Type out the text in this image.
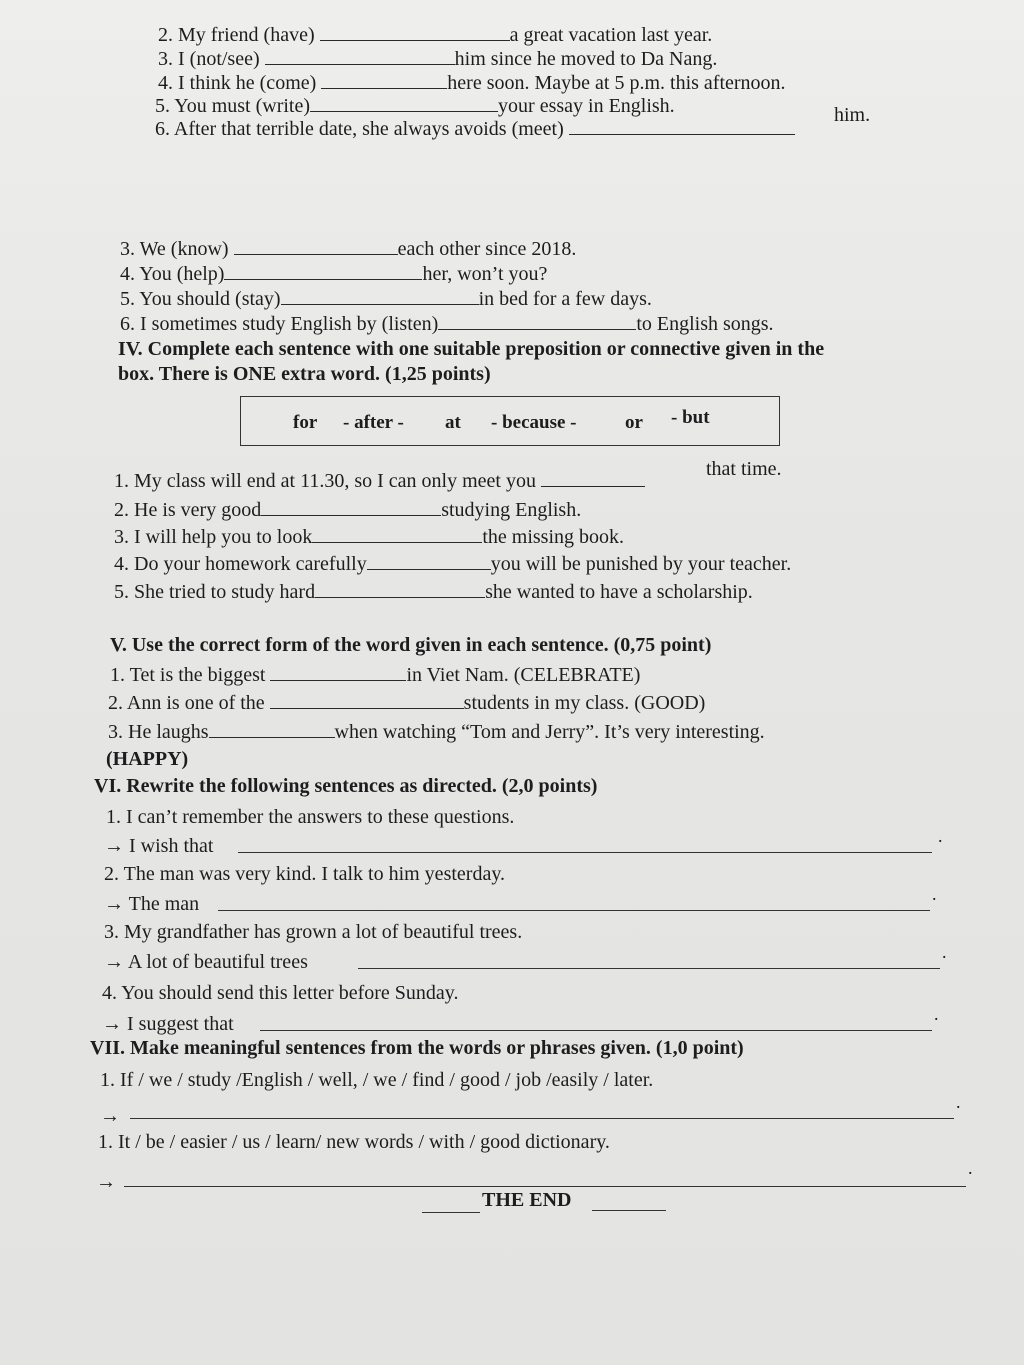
2. My friend (have)	a great vacation last year.
3. I (not/see)	him since he moved to Da Nang.
4. I think he (come)	here soon. Maybe at 5 p.m. this afternoon.
5. You must (write)	your essay in English.
6. After that terrible date, she always avoids (meet)
him.
3. We (know)	each other since 2018.
4. You (help)	her, won’t you?
5. You should (stay)	in bed for a few days.
6. I sometimes study English by (listen)	to English songs.
IV. Complete each sentence with one suitable preposition or connective given in the
box. There is ONE extra word. (1,25 points)
for - after - at - because -	or - but
1. My class will end at 11.30, so I can only meet you
that time.
2. He is very good	studying English.
3. I will help you to look	the missing book.
4. Do your homework carefully	you will be punished by your teacher.
5. She tried to study hard	she wanted to have a scholarship.
V. Use the correct form of the word given in each sentence. (0,75 point)
1. Tet is the biggest	in Viet Nam. (CELEBRATE)
2. Ann is one of the	students in my class. (GOOD)
3. He laughs	when watching “Tom and Jerry”. It’s very interesting.
(HAPPY)
VI. Rewrite the following sentences as directed. (2,0 points)
1. I can’t remember the answers to these questions.
→ I wish that	.
2. The man was very kind. I talk to him yesterday.
→ The man	.
3. My grandfather has grown a lot of beautiful trees.
→ A lot of beautiful trees	.
4. You should send this letter before Sunday.
→ I suggest that	.
VII. Make meaningful sentences from the words or phrases given. (1,0 point)
1. If / we / study /English / well, / we / find / good / job /easily / later.
→
.
1. It / be / easier / us / learn/ new words / with / good dictionary.
→
.
THE END
